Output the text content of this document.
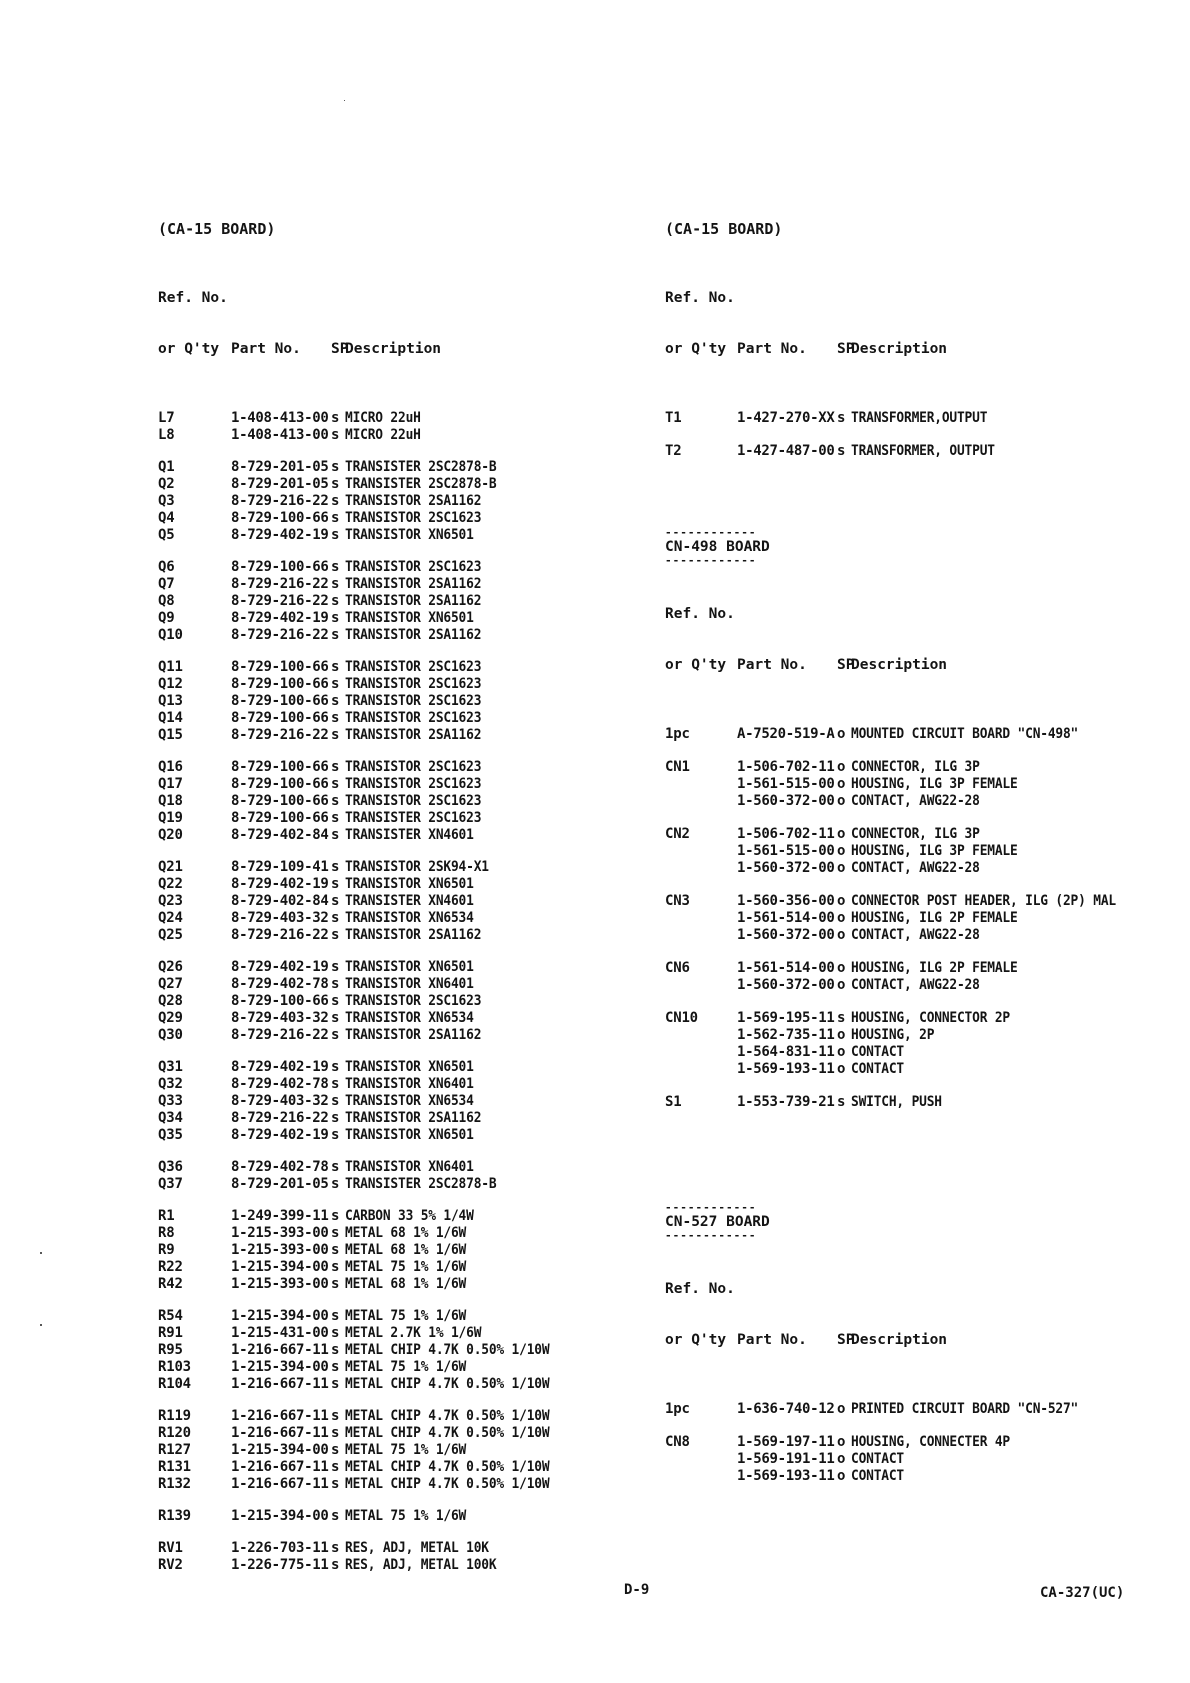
(CA-15 BOARD)

Ref. No.

or Q'ty Part No.	SP
Description

L7	1-408-413-00 s MICRO 22uH
L8	1-408-413-00 s MICRO 22uH
Q1	8-729-201-05 s TRANSISTER 2SC2878-B
Q2	8-729-201-05 s TRANSISTER 2SC2878-B
Q3	8-729-216-22 s TRANSISTOR 2SA1162
Q4	8-729-100-66 s TRANSISTOR 2SC1623
Q5	8-729-402-19 s TRANSISTOR XN6501
Q6	8-729-100-66 s TRANSISTOR 2SC1623
Q7	8-729-216-22 s TRANSISTOR 2SA1162
Q8	8-729-216-22 s TRANSISTOR 2SA1162
Q9	8-729-402-19 s TRANSISTOR XN6501
Q10	8-729-216-22 s TRANSISTOR 2SA1162
Q11	8-729-100-66 s TRANSISTOR 2SC1623
Q12	8-729-100-66 s TRANSISTOR 2SC1623
Q13	8-729-100-66 s TRANSISTOR 2SC1623
Q14	8-729-100-66 s TRANSISTOR 2SC1623
Q15	8-729-216-22 s TRANSISTOR 2SA1162
Q16	8-729-100-66 s TRANSISTOR 2SC1623
Q17	8-729-100-66 s TRANSISTOR 2SC1623
Q18	8-729-100-66 s TRANSISTOR 2SC1623
Q19	8-729-100-66 s TRANSISTER 2SC1623
Q20	8-729-402-84 s TRANSISTER XN4601
Q21	8-729-109-41 s TRANSISTOR 2SK94-X1
Q22	8-729-402-19 s TRANSISTOR XN6501
Q23	8-729-402-84 s TRANSISTER XN4601
Q24	8-729-403-32 s TRANSISTOR XN6534
Q25	8-729-216-22 s TRANSISTOR 2SA1162
Q26	8-729-402-19 s TRANSISTOR XN6501
Q27	8-729-402-78 s TRANSISTOR XN6401
Q28	8-729-100-66 s TRANSISTOR 2SC1623
Q29	8-729-403-32 s TRANSISTOR XN6534
Q30	8-729-216-22 s TRANSISTOR 2SA1162
Q31	8-729-402-19 s TRANSISTOR XN6501
Q32	8-729-402-78 s TRANSISTOR XN6401
Q33	8-729-403-32 s TRANSISTOR XN6534
Q34	8-729-216-22 s TRANSISTOR 2SA1162
Q35	8-729-402-19 s TRANSISTOR XN6501
Q36	8-729-402-78 s TRANSISTOR XN6401
Q37	8-729-201-05 s TRANSISTER 2SC2878-B
R1	1-249-399-11 s CARBON 33 5% 1/4W
R8	1-215-393-00 s METAL 68 1% 1/6W
R9	1-215-393-00 s METAL 68 1% 1/6W
R22	1-215-394-00 s METAL 75 1% 1/6W
R42	1-215-393-00 s METAL 68 1% 1/6W
R54	1-215-394-00 s METAL 75 1% 1/6W
R91	1-215-431-00 s METAL 2.7K 1% 1/6W
R95	1-216-667-11 s METAL CHIP 4.7K 0.50% 1/10W
R103	1-215-394-00 s METAL 75 1% 1/6W
R104	1-216-667-11 s METAL CHIP 4.7K 0.50% 1/10W
R119	1-216-667-11 s METAL CHIP 4.7K 0.50% 1/10W
R120	1-216-667-11 s METAL CHIP 4.7K 0.50% 1/10W
R127	1-215-394-00 s METAL 75 1% 1/6W
R131	1-216-667-11 s METAL CHIP 4.7K 0.50% 1/10W
R132	1-216-667-11 s METAL CHIP 4.7K 0.50% 1/10W
R139	1-215-394-00 s METAL 75 1% 1/6W
RV1	1-226-703-11 s RES, ADJ, METAL 10K
RV2	1-226-775-11 s RES, ADJ, METAL 100K
(CA-15 BOARD)

Ref. No.

or Q'ty Part No.	SP
Description

T1	1-427-270-XX s TRANSFORMER,OUTPUT
T2	1-427-487-00 s TRANSFORMER, OUTPUT
------------
CN-498 BOARD
------------

Ref. No.

or Q'ty Part No.	SP
Description

1pc	A-7520-519-A o MOUNTED CIRCUIT BOARD "CN-498"
CN1	1-506-702-11 o CONNECTOR, ILG 3P
1-561-515-00 o HOUSING, ILG 3P FEMALE
1-560-372-00 o CONTACT, AWG22-28
CN2	1-506-702-11 o CONNECTOR, ILG 3P
1-561-515-00 o HOUSING, ILG 3P FEMALE
1-560-372-00 o CONTACT, AWG22-28
CN3	1-560-356-00 o CONNECTOR POST HEADER, ILG (2P) MAL
1-561-514-00 o HOUSING, ILG 2P FEMALE
1-560-372-00 o CONTACT, AWG22-28
CN6	1-561-514-00 o HOUSING, ILG 2P FEMALE
1-560-372-00 o CONTACT, AWG22-28
CN10	1-569-195-11 s HOUSING, CONNECTOR 2P
1-562-735-11 o HOUSING, 2P
1-564-831-11 o CONTACT
1-569-193-11 o CONTACT
S1	1-553-739-21 s SWITCH, PUSH
------------
CN-527 BOARD
------------

Ref. No.

or Q'ty Part No.	SP
Description

1pc	1-636-740-12 o PRINTED CIRCUIT BOARD "CN-527"
CN8	1-569-197-11 o HOUSING, CONNECTER 4P
1-569-191-11 o CONTACT
1-569-193-11 o CONTACT
D-9	CA-327(UC)
